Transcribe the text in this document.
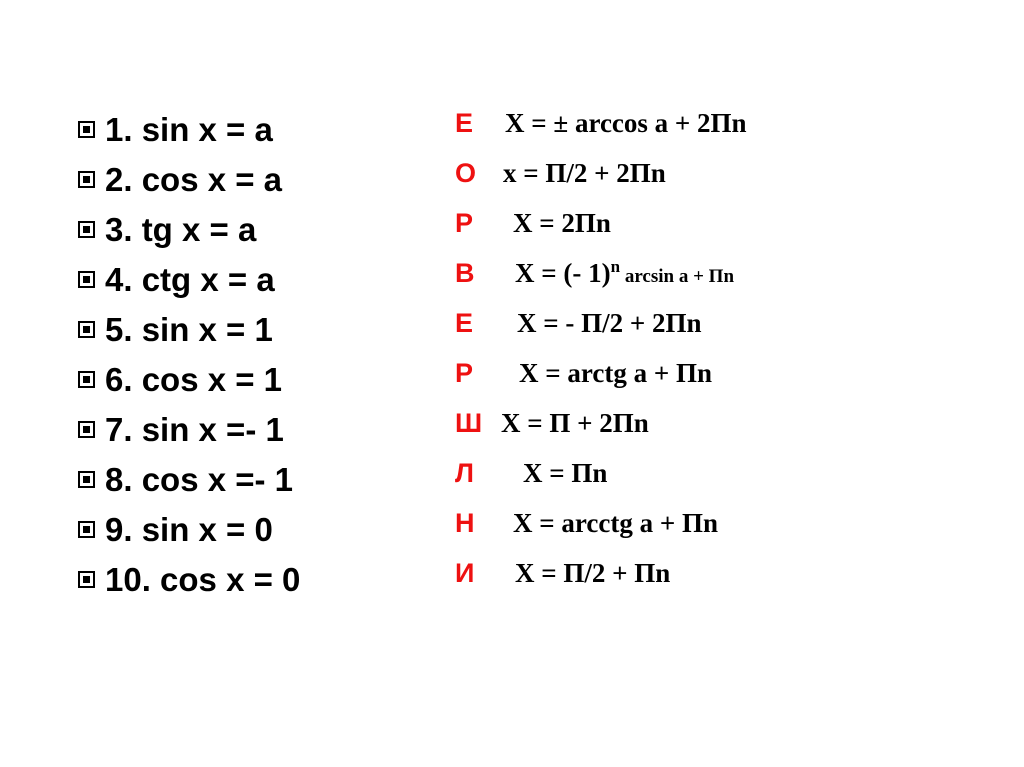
1. sin x = a
2. cos x = a
3. tg x = a
4. ctg x = a
5. sin x = 1
6. cos x = 1
7. sin x =- 1
8. cos x =- 1
9. sin x = 0
10. cos x = 0
Е	X = ± arccos a + 2Пn
О x = П/2 + 2Пn
Р	X = 2Пn
В	X = (- 1)$^n$ arcsin a + Пn
Е	X = - П/2 + 2Пn
Р	X = arctg a + Пn
Ш X = П + 2Пn
Л	X = Пn
Н	X = arcctg a + Пn
И	X = П/2 + Пn
